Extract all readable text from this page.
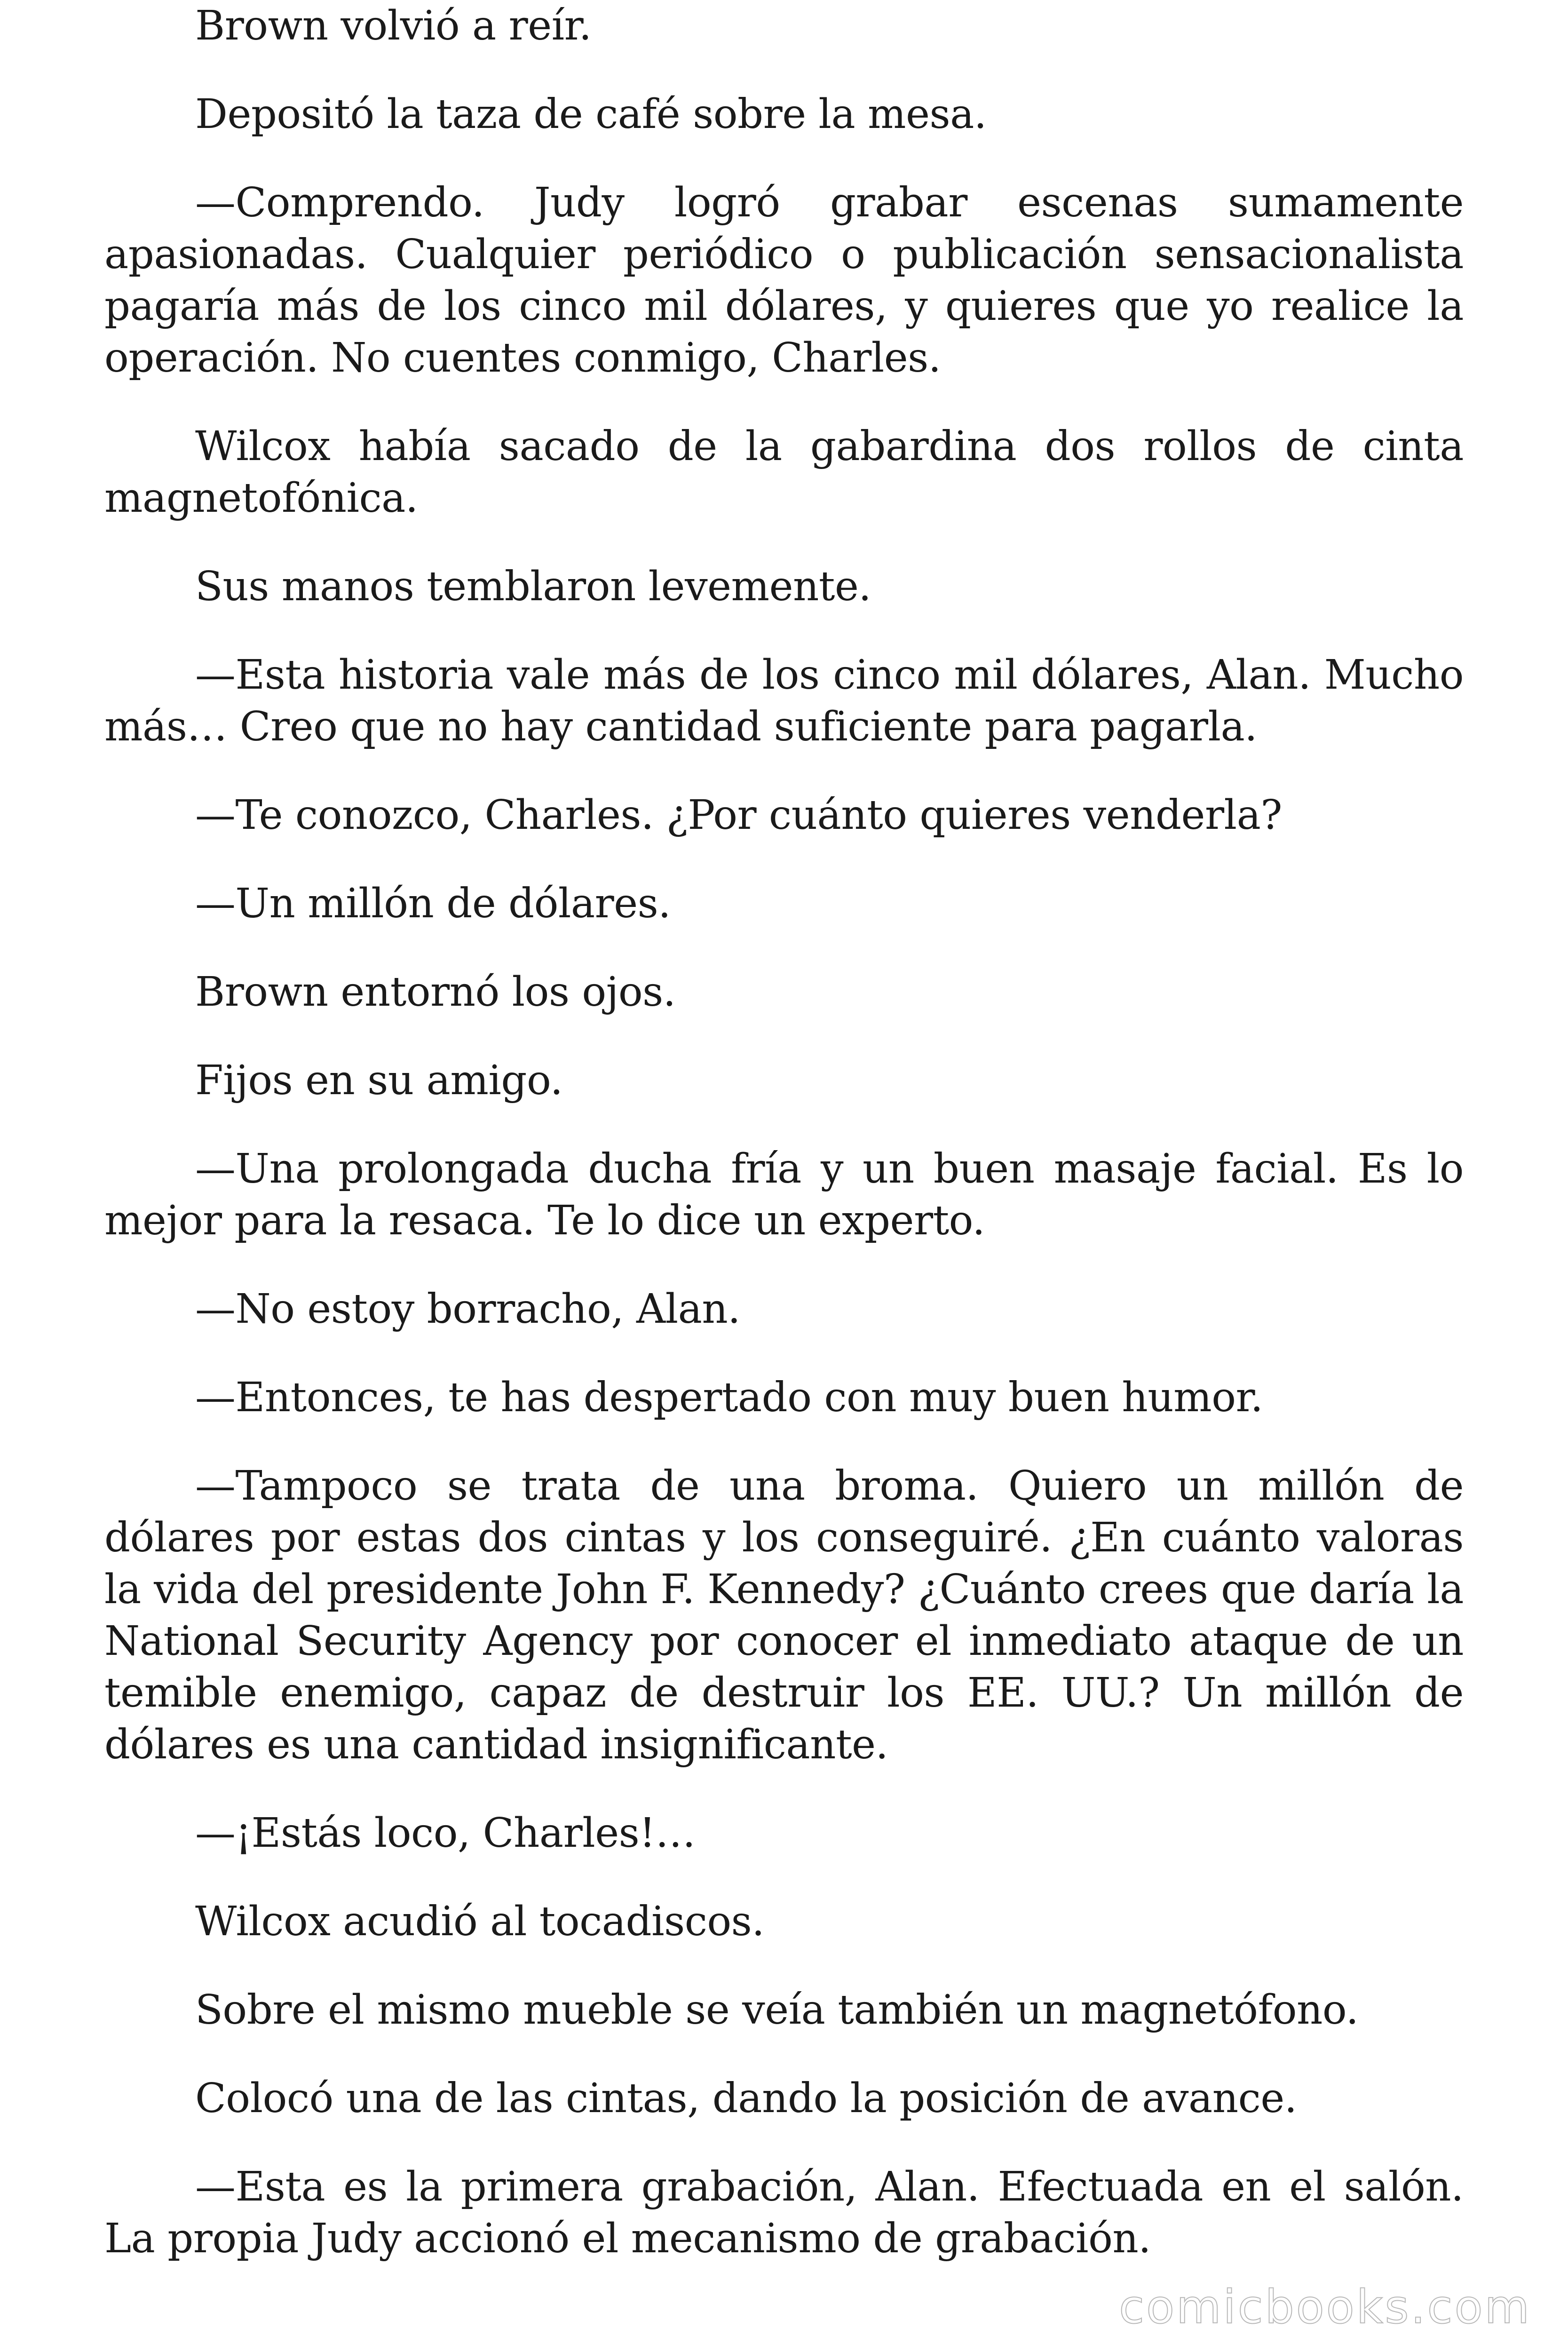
Brown volvió a reír.

Depositó la taza de café sobre la mesa.

—Comprendo. Judy logró grabar escenas sumamente apasionadas. Cualquier periódico o publicación sensacionalista pagaría más de los cinco mil dólares, y quieres que yo realice la operación. No cuentes conmigo, Charles.

Wilcox había sacado de la gabardina dos rollos de cinta magnetofónica.

Sus manos temblaron levemente.

—Esta historia vale más de los cinco mil dólares, Alan. Mucho más… Creo que no hay cantidad suficiente para pagarla.

—Te conozco, Charles. ¿Por cuánto quieres venderla?

—Un millón de dólares.

Brown entornó los ojos.

Fijos en su amigo.

—Una prolongada ducha fría y un buen masaje facial. Es lo mejor para la resaca. Te lo dice un experto.

—No estoy borracho, Alan.

—Entonces, te has despertado con muy buen humor.

—Tampoco se trata de una broma. Quiero un millón de dólares por estas dos cintas y los conseguiré. ¿En cuánto valoras la vida del presidente John F. Kennedy? ¿Cuánto crees que daría la National Security Agency por conocer el inmediato ataque de un temible enemigo, capaz de destruir los EE. UU.? Un millón de dólares es una cantidad insignificante.

—¡Estás loco, Charles!…

Wilcox acudió al tocadiscos.

Sobre el mismo mueble se veía también un magnetófono.

Colocó una de las cintas, dando la posición de avance.

—Esta es la primera grabación, Alan. Efectuada en el salón. La propia Judy accionó el mecanismo de grabación.

comicbooks.com
